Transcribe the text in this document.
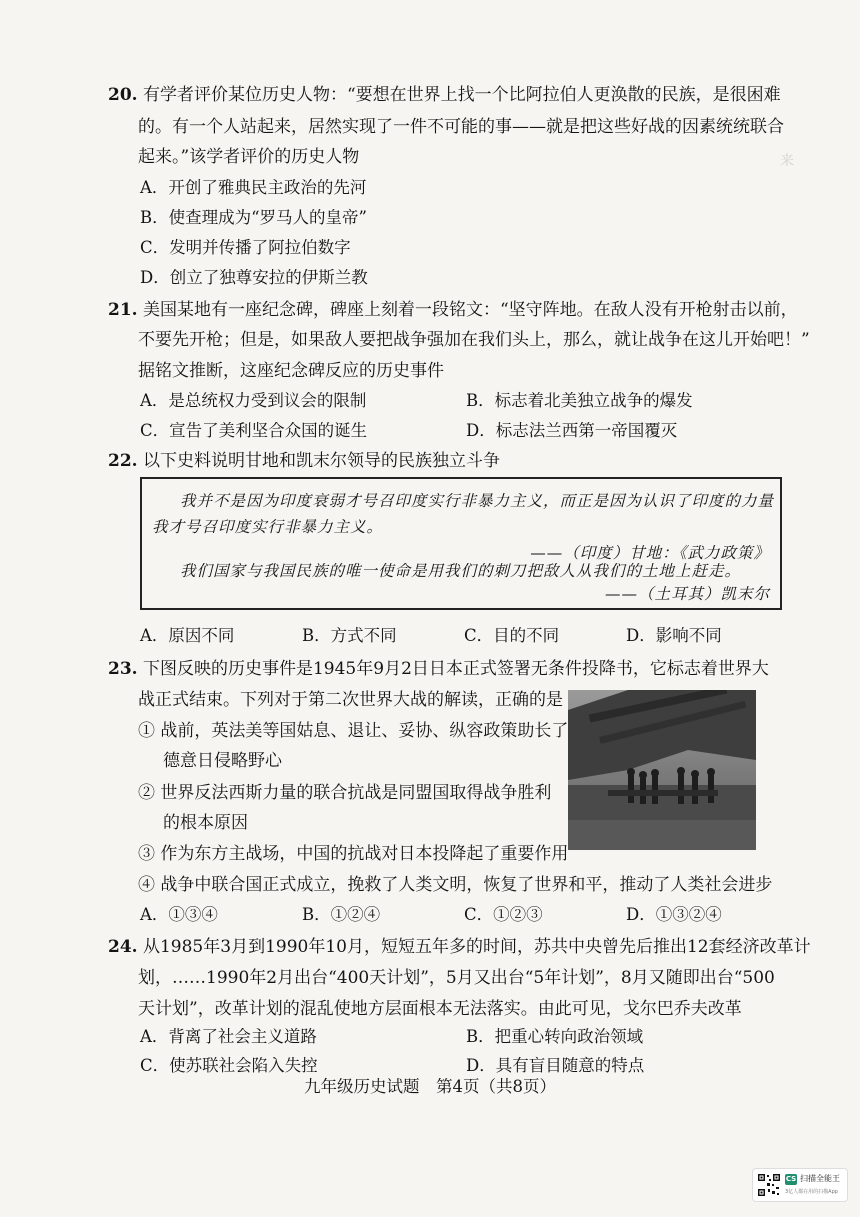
来
20. 有学者评价某位历史人物：“要想在世界上找一个比阿拉伯人更涣散的民族，是很困难
的。有一个人站起来，居然实现了一件不可能的事——就是把这些好战的因素统统联合
起来。”该学者评价的历史人物
A．开创了雅典民主政治的先河
B．使查理成为“罗马人的皇帝”
C．发明并传播了阿拉伯数字
D．创立了独尊安拉的伊斯兰教
21. 美国某地有一座纪念碑，碑座上刻着一段铭文：“坚守阵地。在敌人没有开枪射击以前，
不要先开枪；但是，如果敌人要把战争强加在我们头上，那么，就让战争在这儿开始吧！”
据铭文推断，这座纪念碑反应的历史事件
A．是总统权力受到议会的限制	B．标志着北美独立战争的爆发
C．宣告了美利坚合众国的诞生	D．标志法兰西第一帝国覆灭
22. 以下史料说明甘地和凯末尔领导的民族独立斗争
我并不是因为印度衰弱才号召印度实行非暴力主义，而正是因为认识了印度的力量
我才号召印度实行非暴力主义。
——（印度）甘地：《武力政策》
我们国家与我国民族的唯一使命是用我们的刺刀把敌人从我们的土地上赶走。
——（土耳其）凯末尔
A．原因不同	B．方式不同	C．目的不同	D．影响不同
23. 下图反映的历史事件是1945年9月2日日本正式签署无条件投降书，它标志着世界大
战正式结束。下列对于第二次世界大战的解读，正确的是
① 战前，英法美等国姑息、退让、妥协、纵容政策助长了
德意日侵略野心
② 世界反法西斯力量的联合抗战是同盟国取得战争胜利
的根本原因
③ 作为东方主战场，中国的抗战对日本投降起了重要作用
④ 战争中联合国正式成立，挽救了人类文明，恢复了世界和平，推动了人类社会进步
A．①③④	B．①②④	C．①②③	D．①③②④
24. 从1985年3月到1990年10月，短短五年多的时间，苏共中央曾先后推出12套经济改革计
划，……1990年2月出台“400天计划”，5月又出台“5年计划”，8月又随即出台“500
天计划”，改革计划的混乱使地方层面根本无法落实。由此可见，戈尔巴乔夫改革
A．背离了社会主义道路	B．把重心转向政治领域
C．使苏联社会陷入失控	D．具有盲目随意的特点
九年级历史试题　第4页（共8页）
CS 扫描全能王
3亿人都在用的扫描App
